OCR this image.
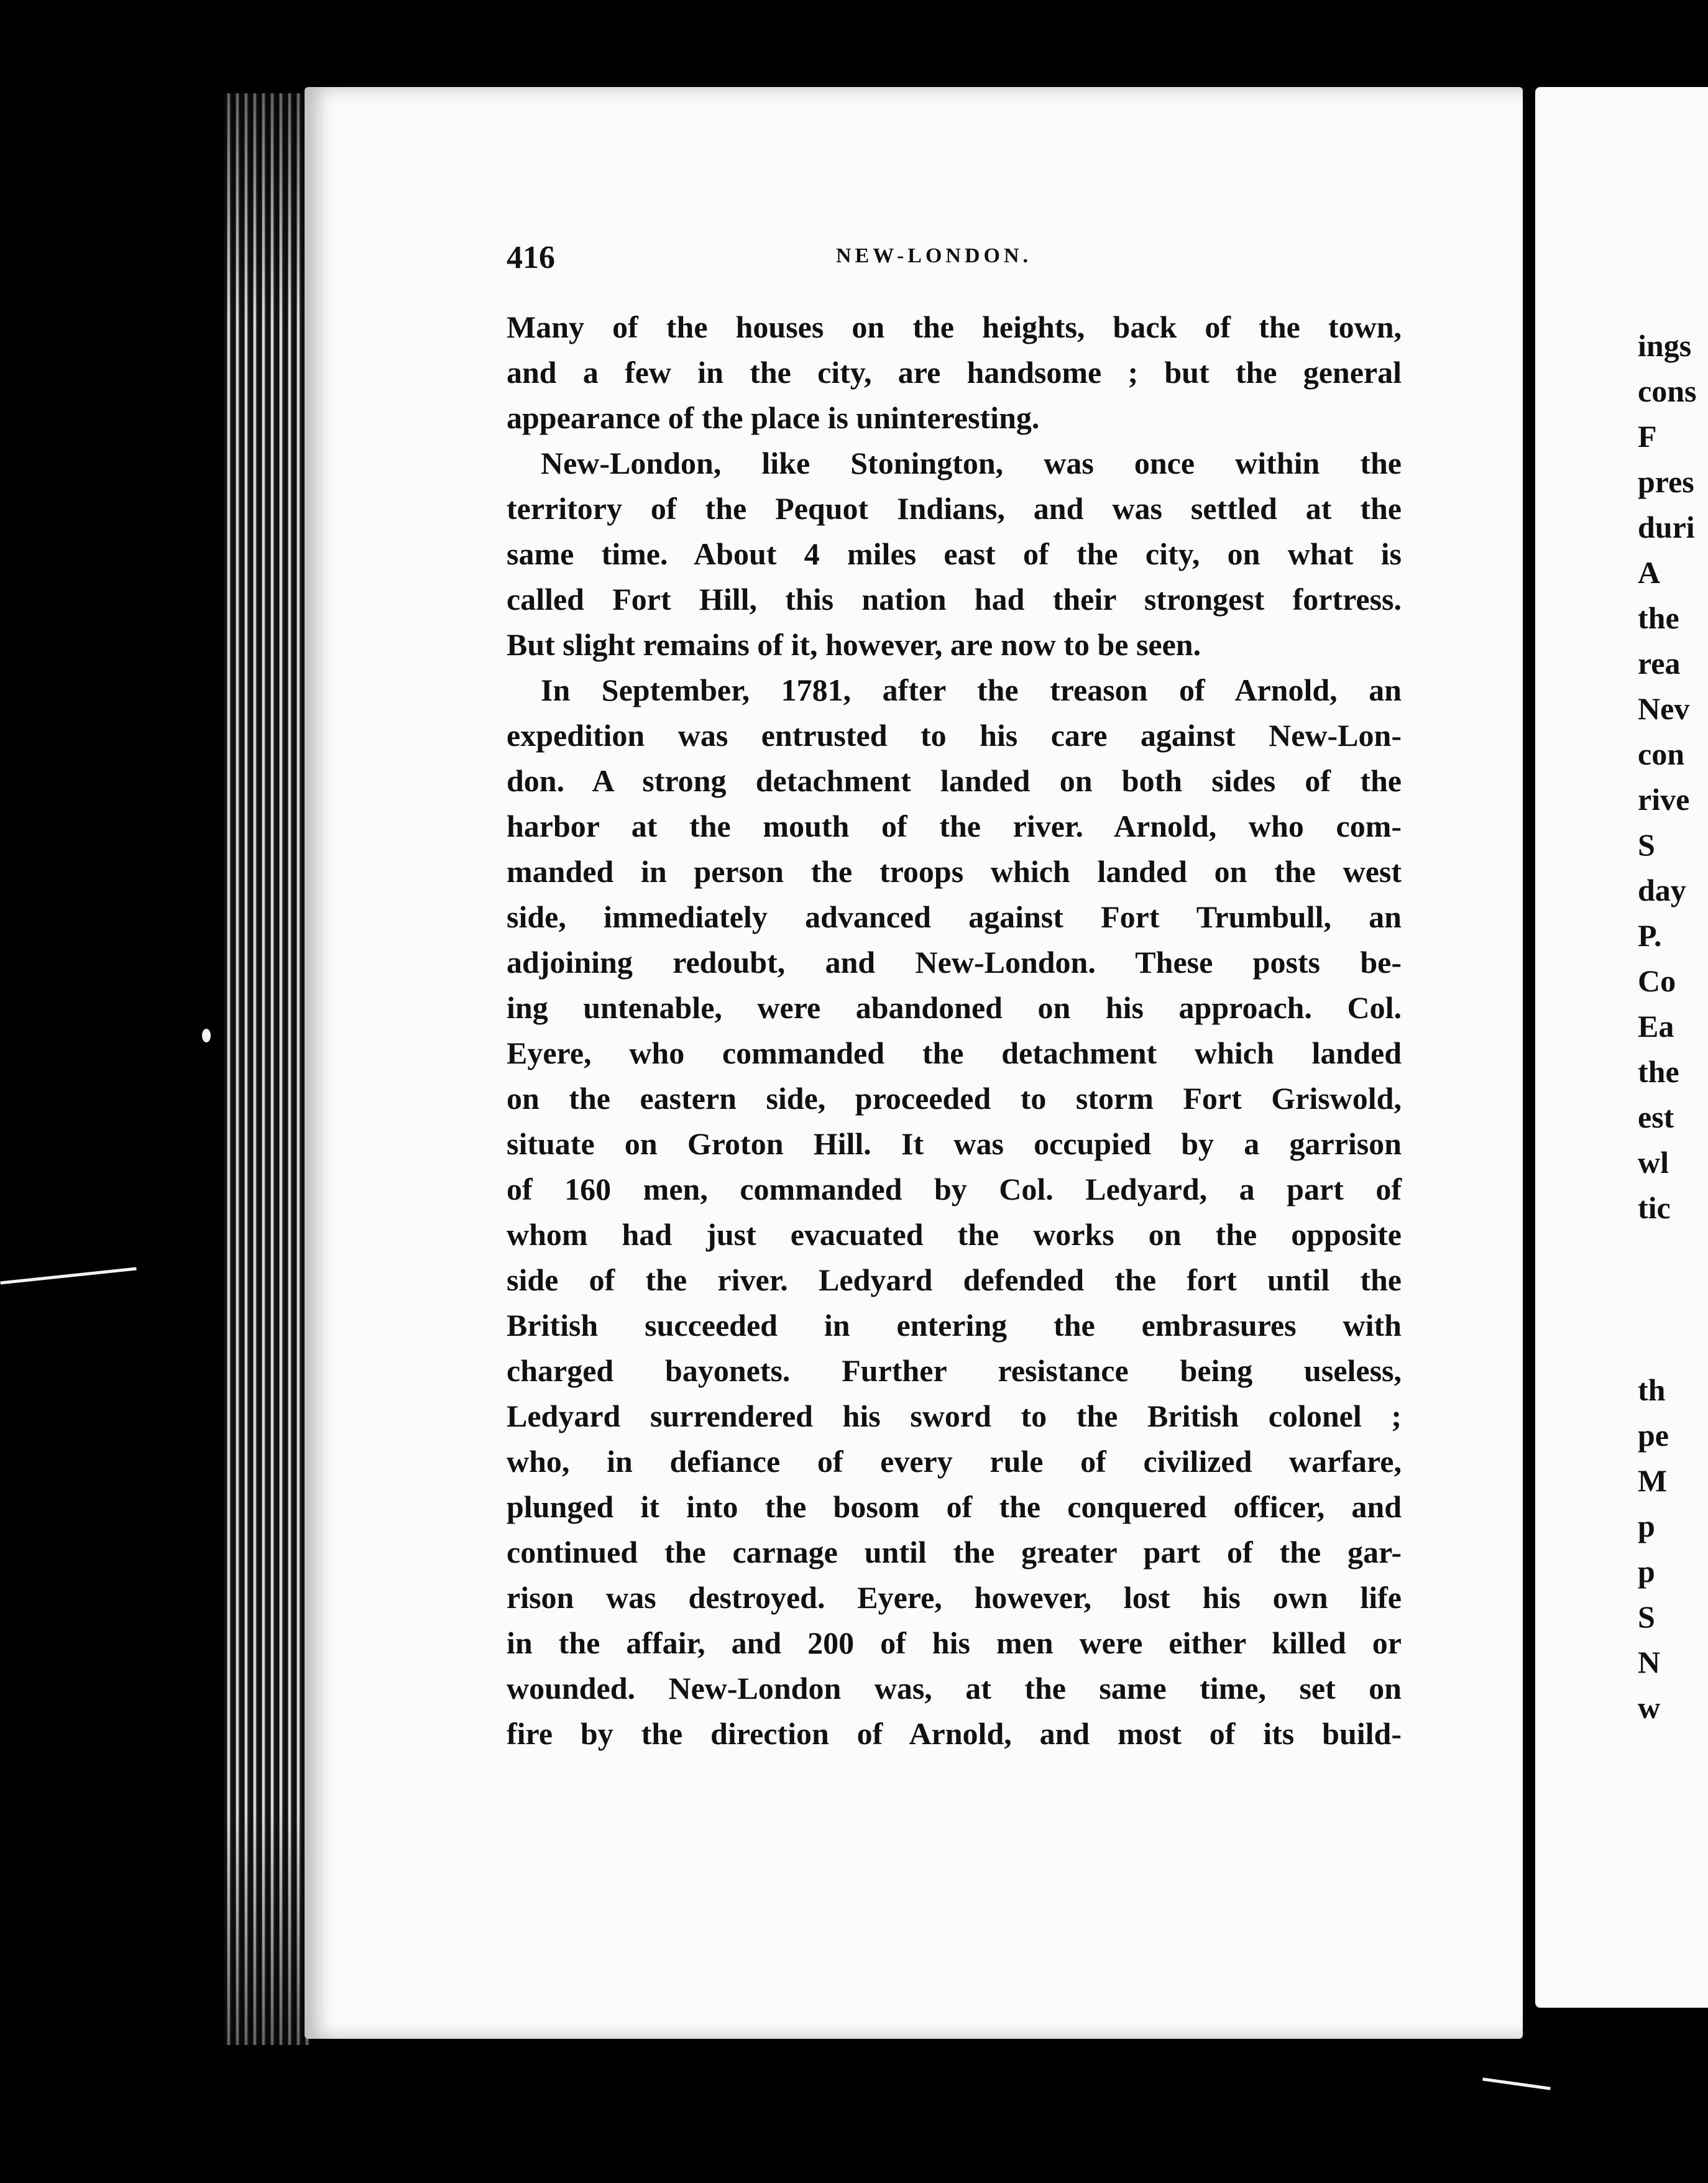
416	NEW-LONDON.
Many of the houses on the heights, back of the town,
and a few in the city, are handsome ; but the general
appearance of the place is uninteresting.
New-London, like Stonington, was once within the
territory of the Pequot Indians, and was settled at the
same time. About 4 miles east of the city, on what is
called Fort Hill, this nation had their strongest fortress.
But slight remains of it, however, are now to be seen.
In September, 1781, after the treason of Arnold, an
expedition was entrusted to his care against New-Lon-
don. A strong detachment landed on both sides of the
harbor at the mouth of the river. Arnold, who com-
manded in person the troops which landed on the west
side, immediately advanced against Fort Trumbull, an
adjoining redoubt, and New-London. These posts be-
ing untenable, were abandoned on his approach. Col.
Eyere, who commanded the detachment which landed
on the eastern side, proceeded to storm Fort Griswold,
situate on Groton Hill. It was occupied by a garrison
of 160 men, commanded by Col. Ledyard, a part of
whom had just evacuated the works on the opposite
side of the river. Ledyard defended the fort until the
British succeeded in entering the embrasures with
charged bayonets. Further resistance being useless,
Ledyard surrendered his sword to the British colonel ;
who, in defiance of every rule of civilized warfare,
plunged it into the bosom of the conquered officer, and
continued the carnage until the greater part of the gar-
rison was destroyed. Eyere, however, lost his own life
in the affair, and 200 of his men were either killed or
wounded. New-London was, at the same time, set on
fire by the direction of Arnold, and most of its build-
ings
cons
F
pres
duri
A
the
rea
Nev
con
rive
S
day
P.
Co
Ea
the
est
wl
tic
th
pe
M
p
p
S
N
w
